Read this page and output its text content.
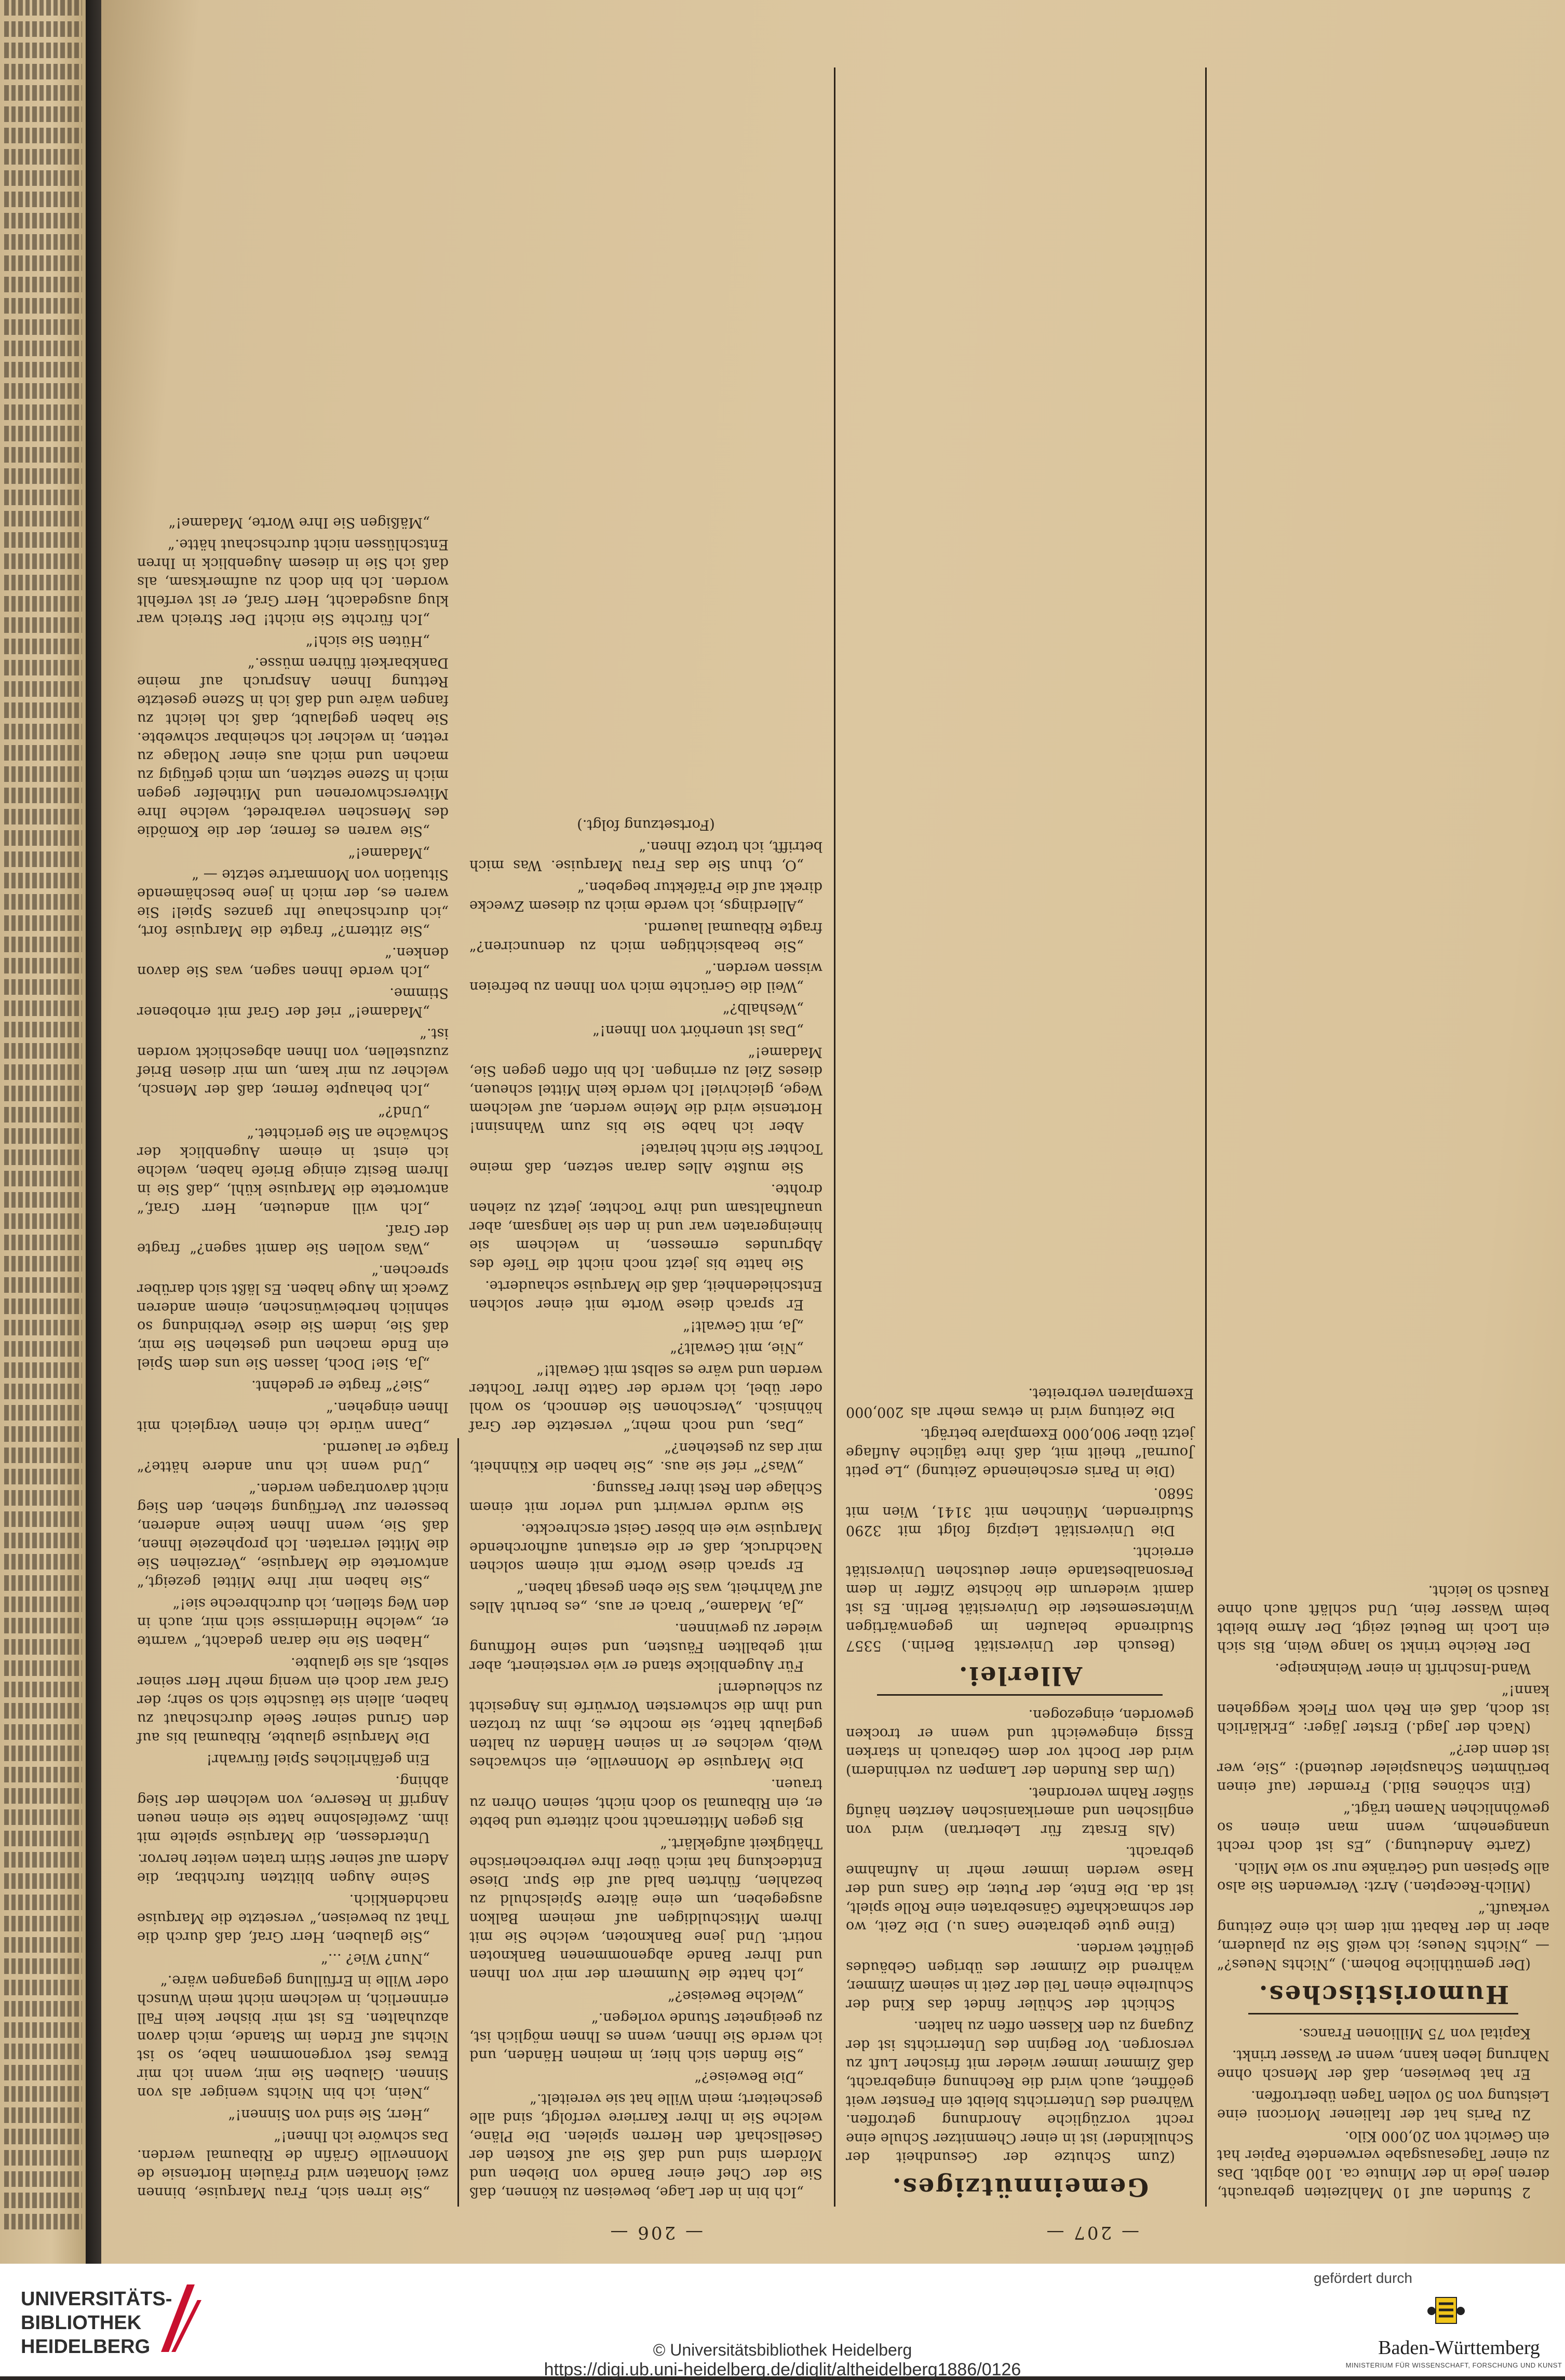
— 206 —	— 207 —

„Sie irren sich, Frau Marquise, binnen zwei Monaten wird Fräulein Hortensie de Monneville Gräfin de Ribaumal werden. Das schwöre ich Ihnen!“

„Herr, Sie sind von Sinnen!“

„Nein, ich bin Nichts weniger als von Sinnen. Glauben Sie mir, wenn ich mir Etwas fest vorgenommen habe, so ist Nichts auf Erden im Stande, mich davon abzuhalten. Es ist mir bisher kein Fall erinnerlich, in welchem nicht mein Wunsch oder Wille in Erfüllung gegangen wäre.“

„Nun? Wie? ...“

„Sie glauben, Herr Graf, daß durch die That zu beweisen,“ versetzte die Marquise nachdenklich.

Seine Augen blitzten furchtbar, die Adern auf seiner Stirn traten weiter hervor.

Unterdessen, die Marquise spielte mit ihm. Zweifelsohne hatte sie einen neuen Angriff in Reserve, von welchem der Sieg abhing.

Ein gefährliches Spiel fürwahr!

Die Marquise glaubte, Ribaumal bis auf den Grund seiner Seele durchschaut zu haben, allein sie täuschte sich so sehr; der Graf war doch ein wenig mehr Herr seiner selbst, als sie glaubte.

„Haben Sie nie daran gedacht,“ warnte er, „welche Hindernisse sich mir, auch in den Weg stellen, ich durchbreche sie!“

„Sie haben mir Ihre Mittel gezeigt,“ antwortete die Marquise, „Verzeihen Sie die Mittel verraten. Ich prophezeie Ihnen, daß Sie, wenn Ihnen keine anderen, besseren zur Verfügung stehen, den Sieg nicht davontragen werden.“

„Und wenn ich nun andere hätte?“ fragte er lauernd.

„Dann würde ich einen Vergleich mit Ihnen eingehen.“

„Sie?“ fragte er gedehnt.

„Ja, Sie! Doch, lassen Sie uns dem Spiel ein Ende machen und gestehen Sie mir, daß Sie, indem Sie diese Verbindung so sehnlich herbeiwünschen, einem anderen Zweck im Auge haben. Es läßt sich darüber sprechen.“

„Was wollen Sie damit sagen?“ fragte der Graf.

„Ich will andeuten, Herr Graf,“ antwortete die Marquise kühl, „daß Sie in Ihrem Besitz einige Briefe haben, welche ich einst in einem Augenblick der Schwäche an Sie gerichtet.“

„Und?“

„Ich behaupte ferner, daß der Mensch, welcher zu mir kam, um mir diesen Brief zuzustellen, von Ihnen abgeschickt worden ist.“

„Madame!“ rief der Graf mit erhobener Stimme.

„Ich werde Ihnen sagen, was Sie davon denken.“

„Sie zittern?“ fragte die Marquise fort, „ich durchschaue Ihr ganzes Spiel! Sie waren es, der mich in jene beschämende Situation von Monmartre setzte — “

„Madame!“

„Sie waren es ferner, der die Komödie des Menschen verabredet, welche Ihre Mitverschworenen und Mithelfer gegen mich in Szene setzten, um mich gefügig zu machen und mich aus einer Notlage zu retten, in welcher ich scheinbar schwebte. Sie haben geglaubt, daß ich leicht zu fangen wäre und daß ich in Szene gesetzte Rettung Ihnen Anspruch auf meine Dankbarkeit führen müsse.“

„Hüten Sie sich!“

„Ich fürchte Sie nicht! Der Streich war klug ausgedacht, Herr Graf, er ist verfehlt worden. Ich bin doch zu aufmerksam, als daß ich Sie in diesem Augenblick in Ihren Entschlüssen nicht durchschaut hätte.“

„Mäßigen Sie Ihre Worte, Madame!“

„Ich bin in der Lage, beweisen zu können, daß Sie der Chef einer Bande von Dieben und Mördern sind und daß Sie auf Kosten der Gesellschaft den Herren spielen. Die Pläne, welche Sie in Ihrer Karriere verfolgt, sind alle gescheitert; mein Wille hat sie vereitelt.“

„Die Beweise?“

„Sie finden sich hier, in meinen Händen, und ich werde Sie Ihnen, wenn es Ihnen möglich ist, zu geeigneter Stunde vorlegen.“

„Welche Beweise?“

„Ich hatte die Nummern der mir von Ihnen und Ihrer Bande abgenommenen Banknoten notirt. Und jene Banknoten, welche Sie mit Ihrem Mitschuldigen auf meinem Balkon ausgegeben, um eine ältere Spielschuld zu bezahlen, führten bald auf die Spur. Diese Entdeckung hat mich über Ihre verbrecherische Thätigkeit aufgeklärt.“

Bis gegen Mitternacht noch zitterte und bebte er, ein Ribaumal so doch nicht, seinen Ohren zu trauen.

Die Marquise de Monneville, ein schwaches Weib, welches er in seinen Händen zu halten geglaubt hatte, sie mochte es, ihm zu trotzen und ihm die schwersten Vorwürfe ins Angesicht zu schleudern!

Für Augenblicke stand er wie versteinert, aber mit geballten Fäusten, und seine Hoffnung wieder zu gewinnen.

„Ja, Madame,“ brach er aus, „es beruht Alles auf Wahrheit, was Sie eben gesagt haben.“

Er sprach diese Worte mit einem solchen Nachdruck, daß er die erstaunt aufhorchende Marquise wie ein böser Geist erschreckte.

Sie wurde verwirrt und verlor mit einem Schlage den Rest ihrer Fassung.

„Was?“ rief sie aus. „Sie haben die Kühnheit, mir das zu gestehen?“

„Das, und noch mehr,“ versetzte der Graf höhnisch. „Verschonen Sie dennoch, so wohl oder übel, ich werde der Gatte Ihrer Tochter werden und wäre es selbst mit Gewalt!“

„Nie, mit Gewalt?“

„Ja, mit Gewalt!“

Er sprach diese Worte mit einer solchen Entschiedenheit, daß die Marquise schauderte.

Sie hatte bis jetzt noch nicht die Tiefe des Abgrundes ermessen, in welchem sie hineingeraten war und in den sie langsam, aber unaufhaltsam und ihre Tochter, jetzt zu ziehen drohte.

Sie mußte Alles daran setzen, daß meine Tochter Sie nicht heirate!

Aber ich habe Sie bis zum Wahnsinn! Hortensie wird die Meine werden, auf welchem Wege, gleichviel! Ich werde kein Mittel scheuen, dieses Ziel zu erringen. Ich bin offen gegen Sie, Madame!“

„Das ist unerhört von Ihnen!“

„Weshalb?“

„Weil die Gerüchte mich von Ihnen zu befreien wissen werden.“

„Sie beabsichtigen mich zu denunciren?“ fragte Ribaumal lauernd.

„Allerdings, ich werde mich zu diesem Zwecke direkt auf die Präfektur begeben.“

„O, thun Sie das Frau Marquise. Was mich betrifft, ich trotze Ihnen.“

(Fortsetzung folgt.)

Gemeinnütziges.

(Zum Schutze der Gesundheit der Schulkinder) ist in einer Chemnitzer Schule eine recht vorzügliche Anordnung getroffen. Während des Unterrichts bleibt ein Fenster weit geöffnet, auch wird die Rechnung eingebracht, daß Zimmer immer wieder mit frischer Luft zu versorgen. Vor Beginn des Unterrichts ist der Zugang zu den Klassen offen zu halten.

Schicht der Schüler findet das Kind der Schulreihe einen Teil der Zeit in seinem Zimmer, während die Zimmer des übrigen Gebäudes gelüftet werden.

(Eine gute gebratene Gans u.) Die Zeit, wo der schmackhafte Gänsebraten eine Rolle spielt, ist da. Die Ente, der Puter, die Gans und der Hase werden immer mehr in Aufnahme gebracht.

(Als Ersatz für Lebertran) wird von englischen und amerikanischen Aerzten häufig süßer Rahm verordnet.

(Um das Runden der Lampen zu verhindern) wird der Docht vor dem Gebrauch in starken Essig eingeweicht und wenn er trocken geworden, eingezogen.

Allerlei.

(Besuch der Universität Berlin.) 5357 Studirende belaufen im gegenwärtigen Wintersemester die Universität Berlin. Es ist damit wiederum die höchste Ziffer in dem Personalbestande einer deutschen Universität erreicht.

Die Universität Leipzig folgt mit 3290 Studirenden, München mit 3141, Wien mit 5680.

(Die in Paris erscheinende Zeitung) „Le petit Journal“ theilt mit, daß ihre tägliche Auflage jetzt über 900,000 Exemplare beträgt.

Die Zeitung wird in etwas mehr als 200,000 Exemplaren verbreitet.

2 Stunden auf 10 Mahlzeiten gebraucht, deren jede in der Minute ca. 100 abgibt. Das zu einer Tagesausgabe verwendete Papier hat ein Gewicht von 20,000 Kilo.

Zu Paris hat der Italiener Moriconi eine Leistung von 50 vollen Tagen übertroffen.

Er hat bewiesen, daß der Mensch ohne Nahrung leben kann, wenn er Wasser trinkt.

Kapital von 75 Millionen Francs.

Humoristisches.

(Der gemüthliche Bohem.) „Nichts Neues?“ — „Nichts Neues; ich weiß Sie zu plaudern, aber in der Rabatt mit dem ich eine Zeitung verkauft.“

(Milch-Recepten.) Arzt: Verwenden Sie also alle Speisen und Getränke nur so wie Milch.

(Zarte Andeutung.) „Es ist doch recht unangenehm, wenn man einen so gewöhnlichen Namen trägt.“

(Ein schönes Bild.) Fremder (auf einen berühmten Schauspieler deutend): „Sie, wer ist denn der?“

(Nach der Jagd.) Erster Jäger: „Erklärlich ist doch, daß ein Reh vom Fleck weggehen kann!“

Wand-Inschrift in einer Weinkneipe.

Der Reiche trinkt so lange Wein, Bis sich ein Loch im Beutel zeigt, Der Arme bleibt beim Wasser fein, Und schläft auch ohne Rausch so leicht.

UNIVERSITÄTS-
BIBLIOTHEK
HEIDELBERG	© Universitätsbibliothek Heidelberg
https://digi.ub.uni-heidelberg.de/diglit/altheidelberg1886/0126
gefördert durch
Baden-Württemberg
MINISTERIUM FÜR WISSENSCHAFT, FORSCHUNG UND KUNST
